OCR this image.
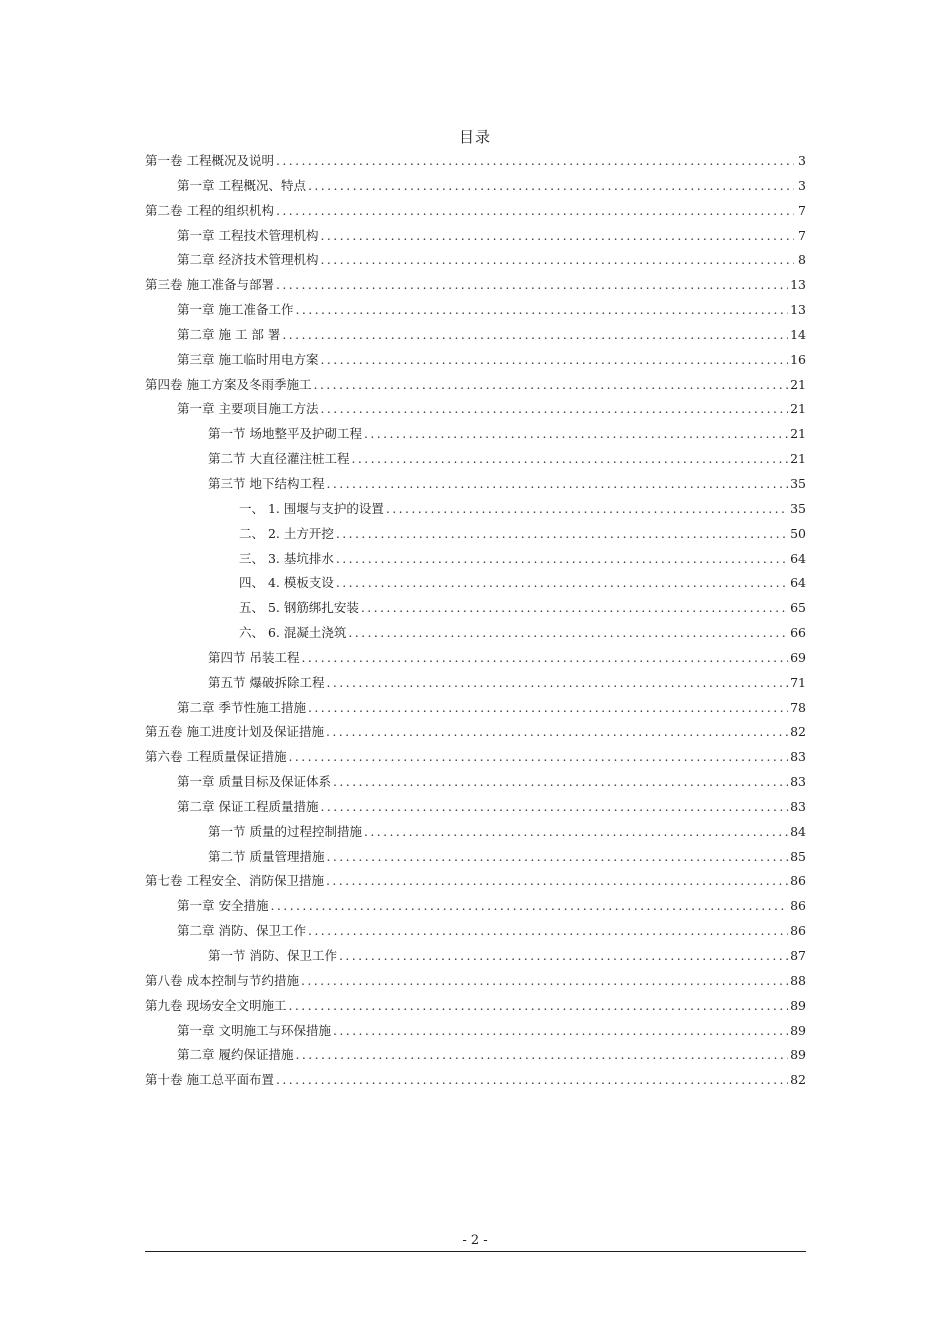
目录
第一卷 工程概况及说明 .....	3
第一章 工程概况、特点 .....	3
第二卷 工程的组织机构 .....	7
第一章 工程技术管理机构 .....	7
第二章 经济技术管理机构 .....	8
第三卷 施工准备与部署 .....	13
第一章 施工准备工作 .....	13
第二章 施 工 部 署 .....	14
第三章 施工临时用电方案 .....	16
第四卷 施工方案及冬雨季施工 .....	21
第一章 主要项目施工方法 .....	21
第一节 场地整平及护砌工程 .....	21
第二节 大直径灌注桩工程 .....	21
第三节 地下结构工程 .....	35
一、 1. 围堰与支护的设置 .....	35
二、 2. 土方开挖 .....	50
三、 3. 基坑排水 .....	64
四、 4. 模板支设 .....	64
五、 5. 钢筋绑扎安装 .....	65
六、 6. 混凝土浇筑 .....	66
第四节 吊装工程 .....	69
第五节 爆破拆除工程 .....	71
第二章 季节性施工措施 .....	78
第五卷 施工进度计划及保证措施 .....	82
第六卷 工程质量保证措施 .....	83
第一章 质量目标及保证体系 .....	83
第二章 保证工程质量措施 .....	83
第一节 质量的过程控制措施 .....	84
第二节 质量管理措施 .....	85
第七卷 工程安全、消防保卫措施 .....	86
第一章 安全措施 .....	86
第二章 消防、保卫工作 .....	86
第一节 消防、保卫工作 .....	87
第八卷 成本控制与节约措施 .....	88
第九卷 现场安全文明施工 .....	89
第一章 文明施工与环保措施 .....	89
第二章 履约保证措施 .....	89
第十卷 施工总平面布置 .....	82
- 2 -
